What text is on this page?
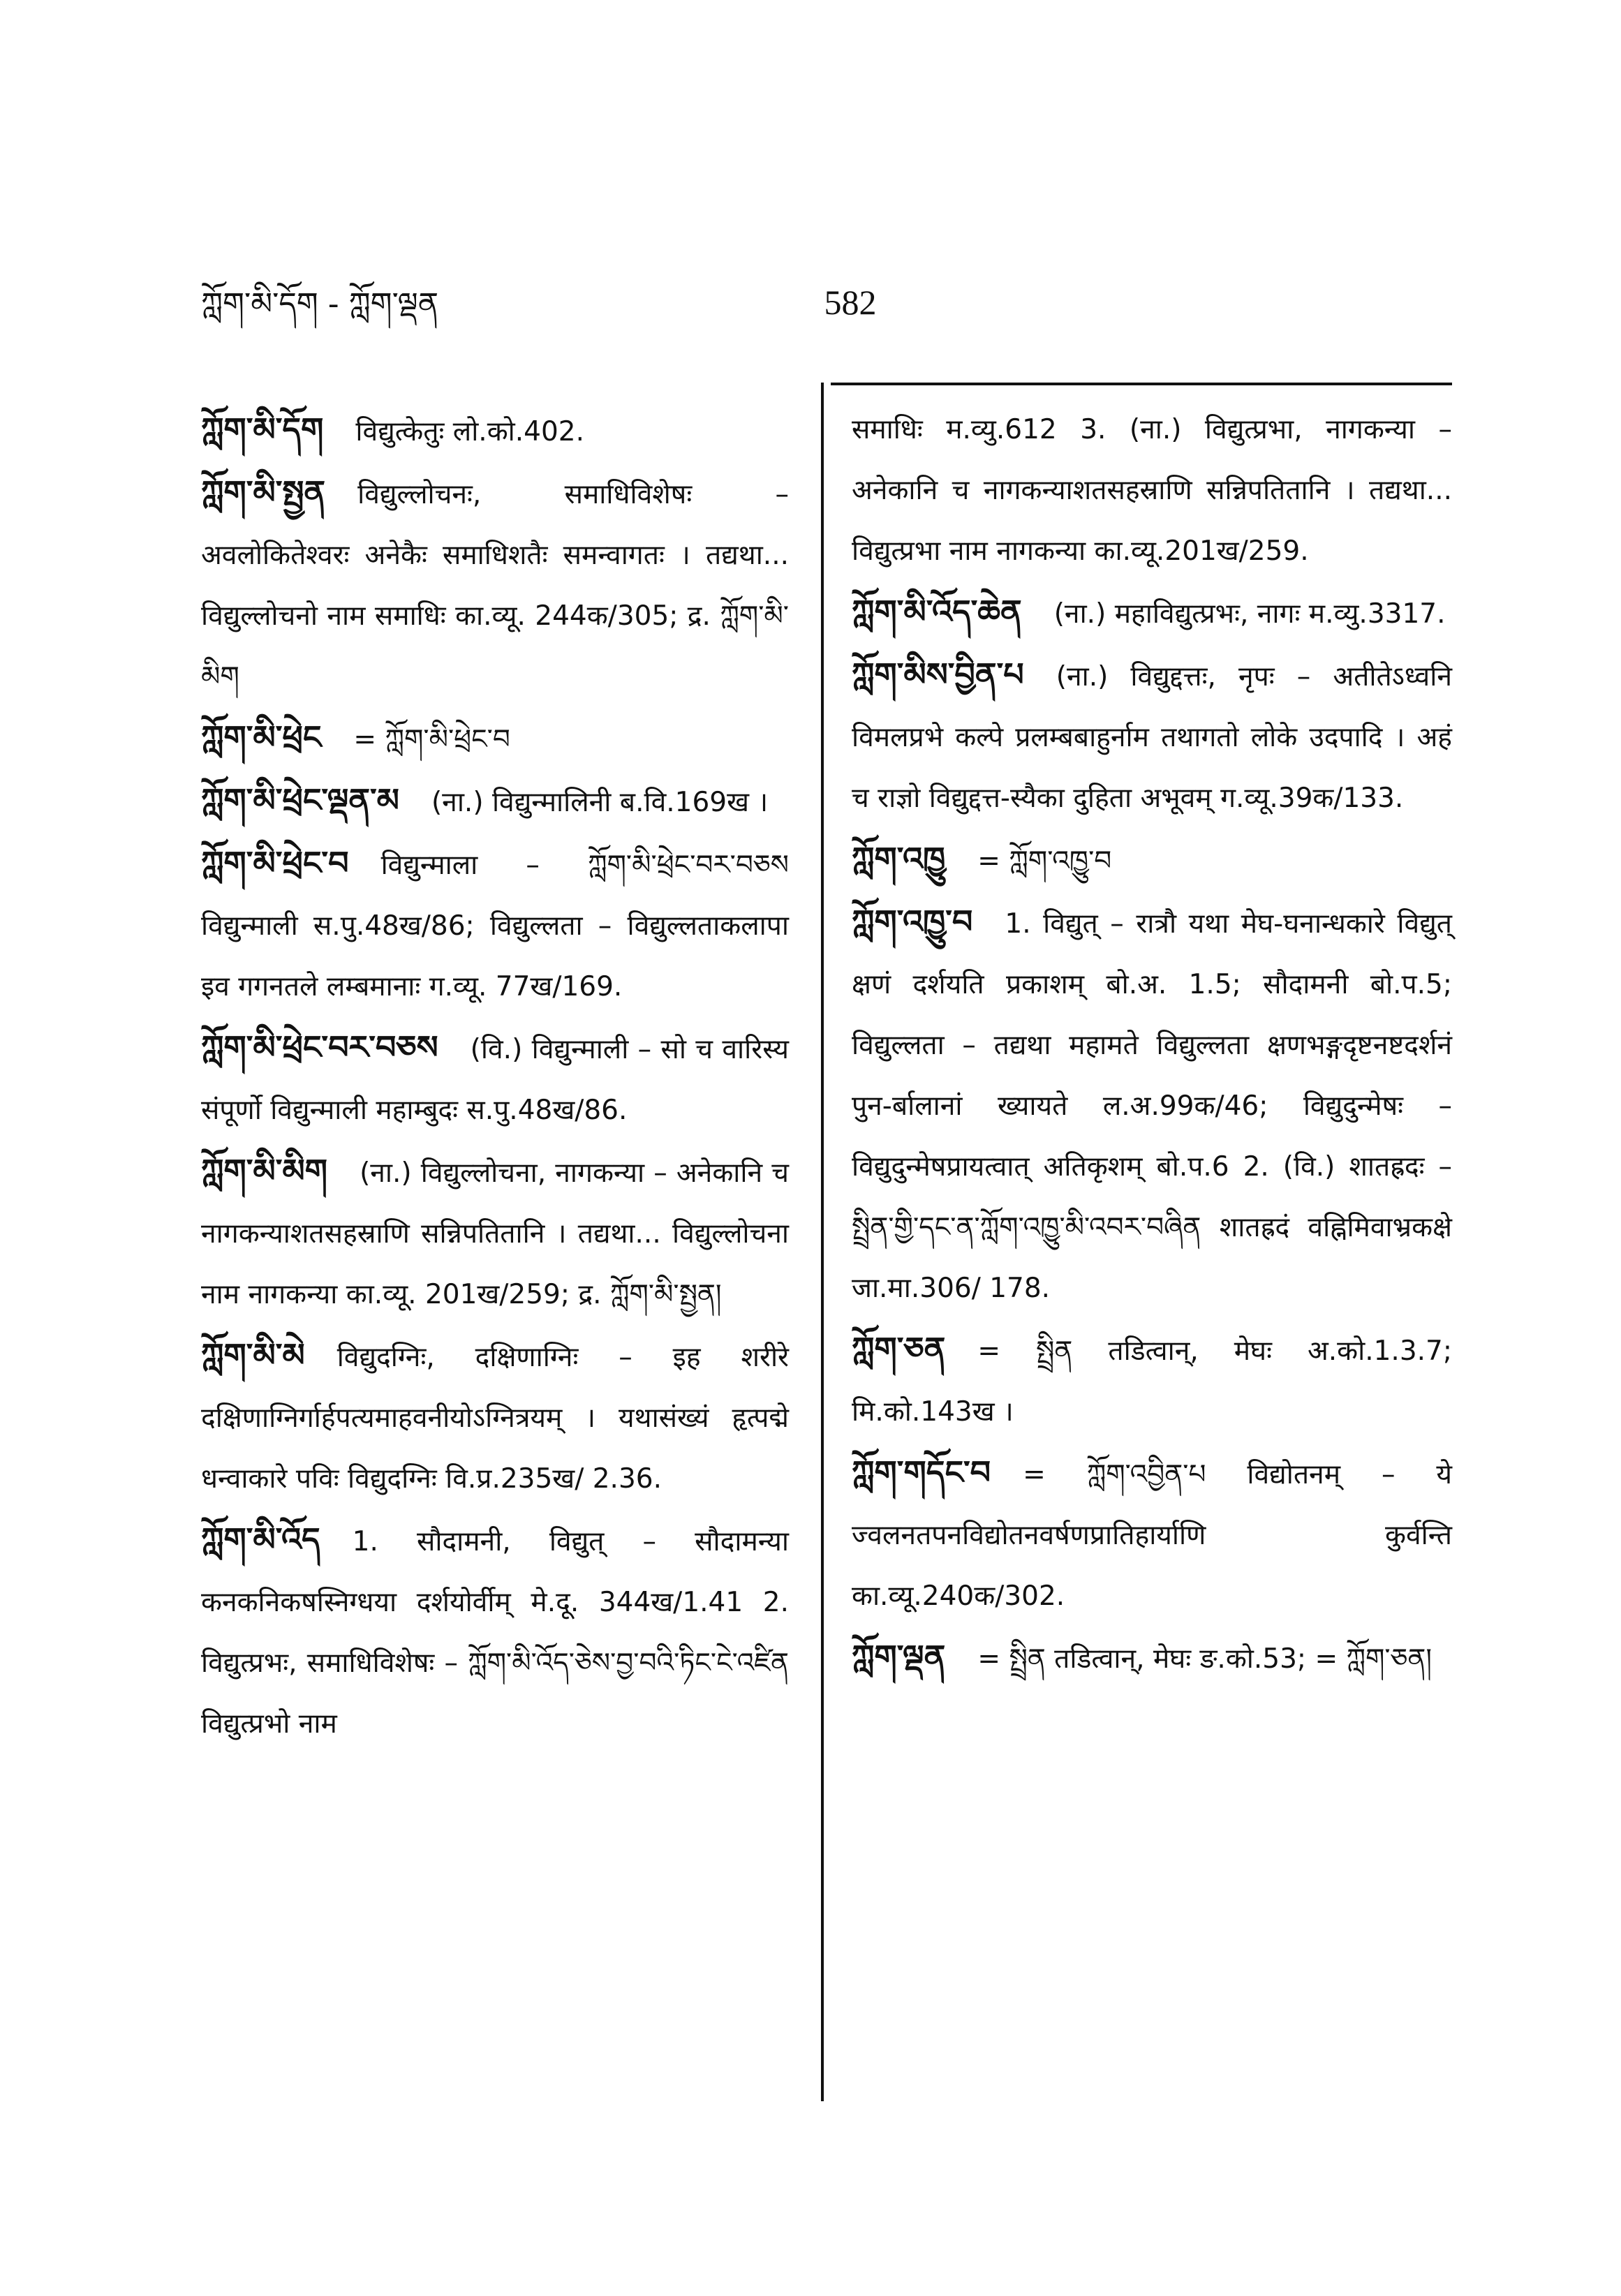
ཀློག་མི་དོག - ཀློག་ལྡན	582

ཀློག་མི་དོག विद्युत्केतुः लो.को.402.

ཀློག་མི་སྤྱན विद्युल्लोचनः, समाधिविशेषः – अवलोकितेश्वरः अनेकैः समाधिशतैः समन्वागतः । तद्यथा... विद्युल्लोचनो नाम समाधिः का.व्यू. 244क/305; द्र. ཀློག་མི་མིག

ཀློག་མི་ཕྲེང = ཀློག་མི་ཕྲེང་བ

ཀློག་མི་ཕྲེང་ལྡན་མ (ना.) विद्युन्मालिनी ब.वि.169ख ।

ཀློག་མི་ཕྲེང་བ विद्युन्माला – ཀློག་མི་ཕྲེང་བར་བཅས विद्युन्माली स.पु.48ख/86; विद्युल्लता – विद्युल्लताकलापा इव गगनतले लम्बमानाः ग.व्यू. 77ख/169.

ཀློག་མི་ཕྲེང་བར་བཅས (वि.) विद्युन्माली – सो च वारिस्य संपूर्णो विद्युन्माली महाम्बुदः स.पु.48ख/86.

ཀློག་མི་མིག (ना.) विद्युल्लोचना, नागकन्या – अनेकानि च नागकन्याशतसहस्राणि सन्निपतितानि । तद्यथा... विद्युल्लोचना नाम नागकन्या का.व्यू. 201ख/259; द्र. ཀློག་མི་སྤྱན།

ཀློག་མི་མེ विद्युदग्निः, दक्षिणाग्निः – इह शरीरे दक्षिणाग्निर्गार्हपत्यमाहवनीयोऽग्नित्रयम् । यथासंख्यं हृत्पद्मे धन्वाकारे पविः विद्युदग्निः वि.प्र.235ख/ 2.36.

ཀློག་མི་འོད 1. सौदामनी, विद्युत् – सौदामन्या कनकनिकषस्निग्धया दर्शयोर्वीम् मे.दू. 344ख/1.41 2. विद्युत्प्रभः, समाधिविशेषः – ཀློག་མི་འོད་ཅེས་བྱ་བའི་ཏིང་ངེ་འཛིན विद्युत्प्रभो नाम

समाधिः म.व्यु.612 3. (ना.) विद्युत्प्रभा, नागकन्या – अनेकानि च नागकन्याशतसहस्राणि सन्निपतितानि । तद्यथा... विद्युत्प्रभा नाम नागकन्या का.व्यू.201ख/259.

ཀློག་མི་འོད་ཆེན (ना.) महाविद्युत्प्रभः, नागः म.व्यु.3317.

ཀློག་མིས་བྱིན་པ (ना.) विद्युद्दत्तः, नृपः – अतीतेऽध्वनि विमलप्रभे कल्पे प्रलम्बबाहुर्नाम तथागतो लोके उदपादि । अहं च राज्ञो विद्युद्दत्त-स्यैका दुहिता अभूवम् ग.व्यू.39क/133.

ཀློག་འཁྱུ = ཀློག་འཁྱུ་བ

ཀློག་འཁྱུ་བ 1. विद्युत् – रात्रौ यथा मेघ-घनान्धकारे विद्युत् क्षणं दर्शयति प्रकाशम् बो.अ. 1.5; सौदामनी बो.प.5; विद्युल्लता – तद्यथा महामते विद्युल्लता क्षणभङ्गदृष्टनष्टदर्शनं पुन-र्बालानां ख्यायते ल.अ.99क/46; विद्युदुन्मेषः – विद्युदुन्मेषप्रायत्वात् अतिकृशम् बो.प.6 2. (वि.) शातह्रदः – སྤྲིན་གྱི་དང་ན་ཀློག་འཁྱུ་མི་འབར་བཞིན शातह्रदं वह्निमिवाभ्रकक्षे जा.मा.306/ 178.

ཀློག་ཅན = སྤྲིན तडित्वान्, मेघः अ.को.1.3.7; मि.को.143ख ।

ཀློག་གདོང་བ = ཀློག་འབྱིན་པ विद्योतनम् – ये ज्वलनतपनविद्योतनवर्षणप्रातिहार्याणि कुर्वन्ति का.व्यू.240क/302.

ཀློག་ལྡན = སྤྲིན तडित्वान्, मेघः ङ.को.53; = ཀློག་ཅན།
